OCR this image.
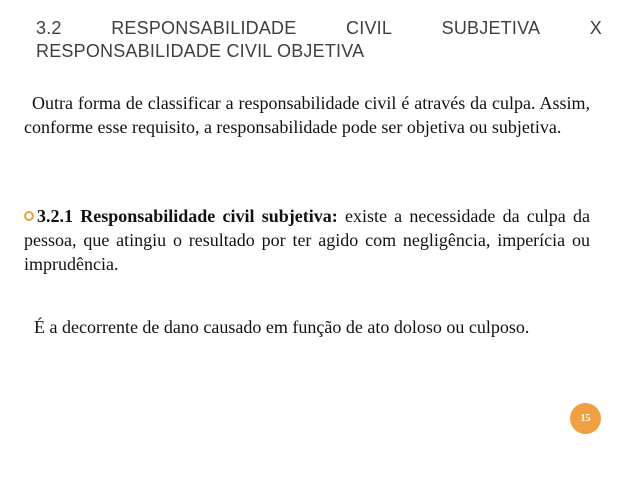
3.2	RESPONSABILIDADE	CIVIL	SUBJETIVA	X
RESPONSABILIDADE CIVIL OBJETIVA
Outra forma de classificar a responsabilidade civil é através da culpa. Assim, conforme esse requisito, a responsabilidade pode ser objetiva ou subjetiva.
3.2.1 Responsabilidade civil subjetiva: existe a necessidade da culpa da pessoa, que atingiu o resultado por ter agido com negligência, imperícia ou imprudência.
É a decorrente de dano causado em função de ato doloso ou culposo.
15
